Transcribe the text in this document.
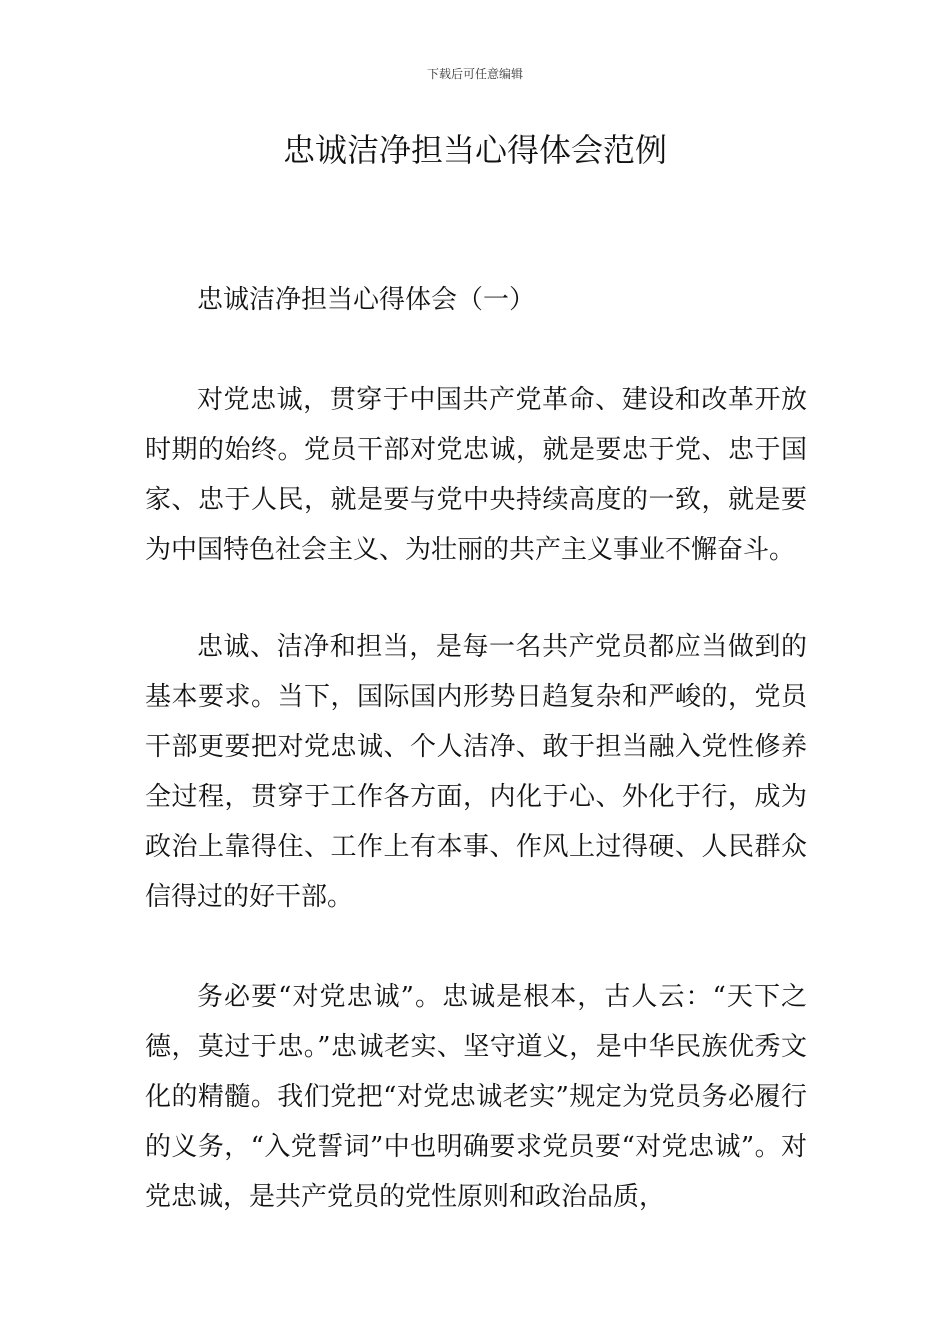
下载后可任意编辑
忠诚洁净担当心得体会范例

忠诚洁净担当心得体会（一）

对党忠诚，贯穿于中国共产党革命、建设和改革开放时期的始终。党员干部对党忠诚，就是要忠于党、忠于国家、忠于人民，就是要与党中央持续高度的一致，就是要为中国特色社会主义、为壮丽的共产主义事业不懈奋斗。

忠诚、洁净和担当，是每一名共产党员都应当做到的基本要求。当下，国际国内形势日趋复杂和严峻的，党员干部更要把对党忠诚、个人洁净、敢于担当融入党性修养全过程，贯穿于工作各方面，内化于心、外化于行，成为政治上靠得住、工作上有本事、作风上过得硬、人民群众信得过的好干部。

务必要“对党忠诚”。忠诚是根本，古人云：“天下之德，莫过于忠。”忠诚老实、坚守道义，是中华民族优秀文化的精髓。我们党把“对党忠诚老实”规定为党员务必履行的义务，“入党誓词”中也明确要求党员要“对党忠诚”。对党忠诚，是共产党员的党性原则和政治品质，
